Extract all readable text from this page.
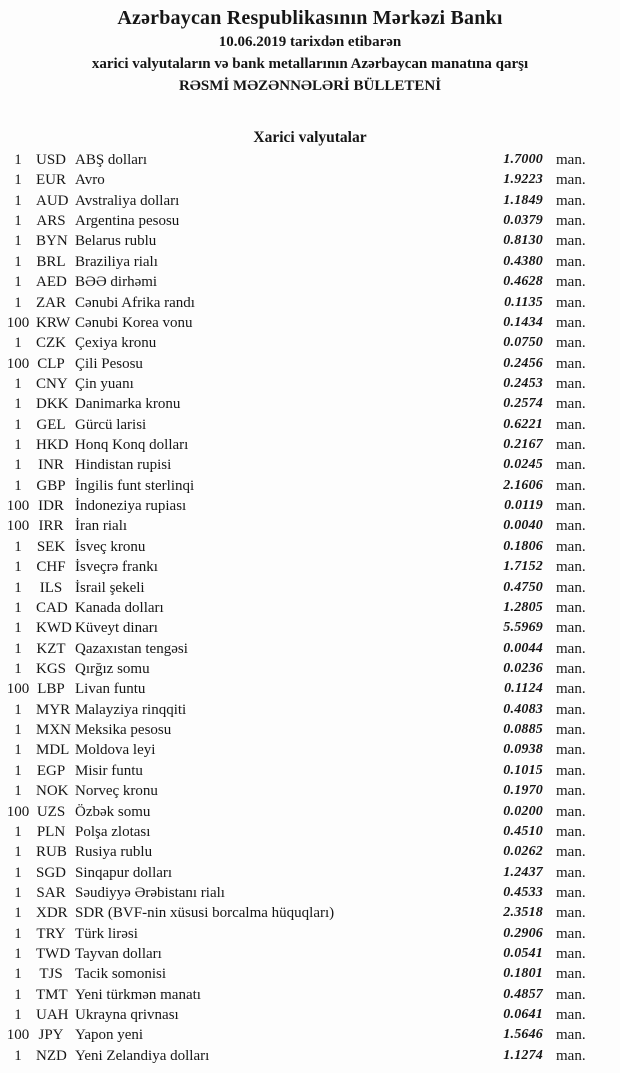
Azərbaycan Respublikasının Mərkəzi Bankı
10.06.2019 tarixdən etibarən
xarici valyutaların və bank metallarının Azərbaycan manatına qarşı
RƏSMİ MƏZƏNNƏLƏRİ BÜLLETENİ
Xarici valyutalar
1 USD ABŞ dolları	1.7000 man.
1 EUR Avro	1.9223 man.
1 AUD Avstraliya dolları	1.1849 man.
1 ARS Argentina pesosu	0.0379 man.
1 BYN Belarus rublu	0.8130 man.
1 BRL Braziliya rialı	0.4380 man.
1 AED BƏƏ dirhəmi	0.4628 man.
1 ZAR Cənubi Afrika randı	0.1135 man.
100 KRW Cənubi Korea vonu	0.1434 man.
1 CZK Çexiya kronu	0.0750 man.
100 CLP Çili Pesosu	0.2456 man.
1 CNY Çin yuanı	0.2453 man.
1 DKK Danimarka kronu	0.2574 man.
1 GEL Gürcü larisi	0.6221 man.
1 HKD Honq Konq dolları	0.2167 man.
1	INR Hindistan rupisi	0.0245 man.
1 GBP İngilis funt sterlinqi	2.1606 man.
100 IDR İndoneziya rupiası	0.0119 man.
100 IRR İran rialı	0.0040 man.
1	SEK İsveç kronu	0.1806 man.
1 CHF İsveçrə frankı	1.7152 man.
1	ILS İsrail şekeli	0.4750 man.
1 CAD Kanada dolları	1.2805 man.
1 KWD Küveyt dinarı	5.5969 man.
1 KZT Qazaxıstan tengəsi	0.0044 man.
1 KGS Qırğız somu	0.0236 man.
100 LBP Livan funtu	0.1124 man.
1 MYR Malayziya rinqqiti	0.4083 man.
1 MXN Meksika pesosu	0.0885 man.
1 MDL Moldova leyi	0.0938 man.
1	EGP Misir funtu	0.1015 man.
1 NOK Norveç kronu	0.1970 man.
100 UZS Özbək somu	0.0200 man.
1	PLN Polşa zlotası	0.4510 man.
1 RUB Rusiya rublu	0.0262 man.
1 SGD Sinqapur dolları	1.2437 man.
1 SAR Səudiyyə Ərəbistanı rialı	0.4533 man.
1 XDR SDR (BVF-nin xüsusi borcalma hüquqları)	2.3518 man.
1 TRY Türk lirəsi	0.2906 man.
1 TWD Tayvan dolları	0.0541 man.
1	TJS Tacik somonisi	0.1801 man.
1 TMT Yeni türkmən manatı	0.4857 man.
1 UAH Ukrayna qrivnası	0.0641 man.
100 JPY Yapon yeni	1.5646 man.
1 NZD Yeni Zelandiya dolları	1.1274 man.
